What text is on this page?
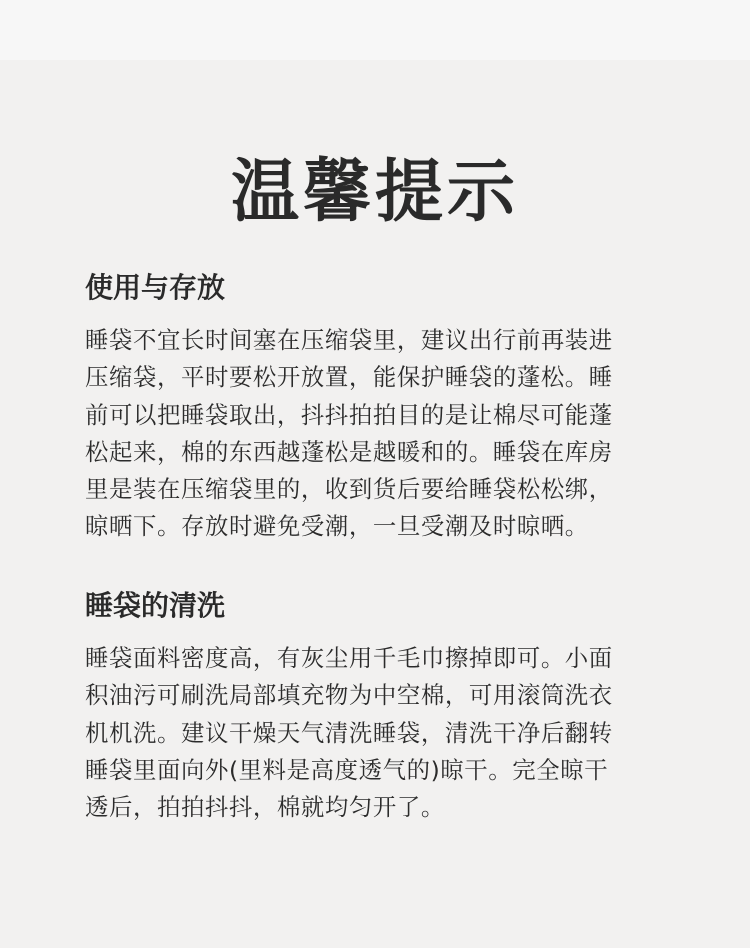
温馨提示
使用与存放
睡袋不宜长时间塞在压缩袋里，建议出行前再装进
压缩袋，平时要松开放置，能保护睡袋的蓬松。睡
前可以把睡袋取出，抖抖拍拍目的是让棉尽可能蓬
松起来，棉的东西越蓬松是越暖和的。睡袋在库房
里是装在压缩袋里的，收到货后要给睡袋松松绑，
晾晒下。存放时避免受潮，一旦受潮及时晾晒。
睡袋的清洗
睡袋面料密度高，有灰尘用千毛巾擦掉即可。小面
积油污可刷洗局部填充物为中空棉，可用滚筒洗衣
机机洗。建议干燥天气清洗睡袋，清洗干净后翻转
睡袋里面向外(里料是高度透气的)晾干。完全晾干
透后，拍拍抖抖，棉就均匀开了。
